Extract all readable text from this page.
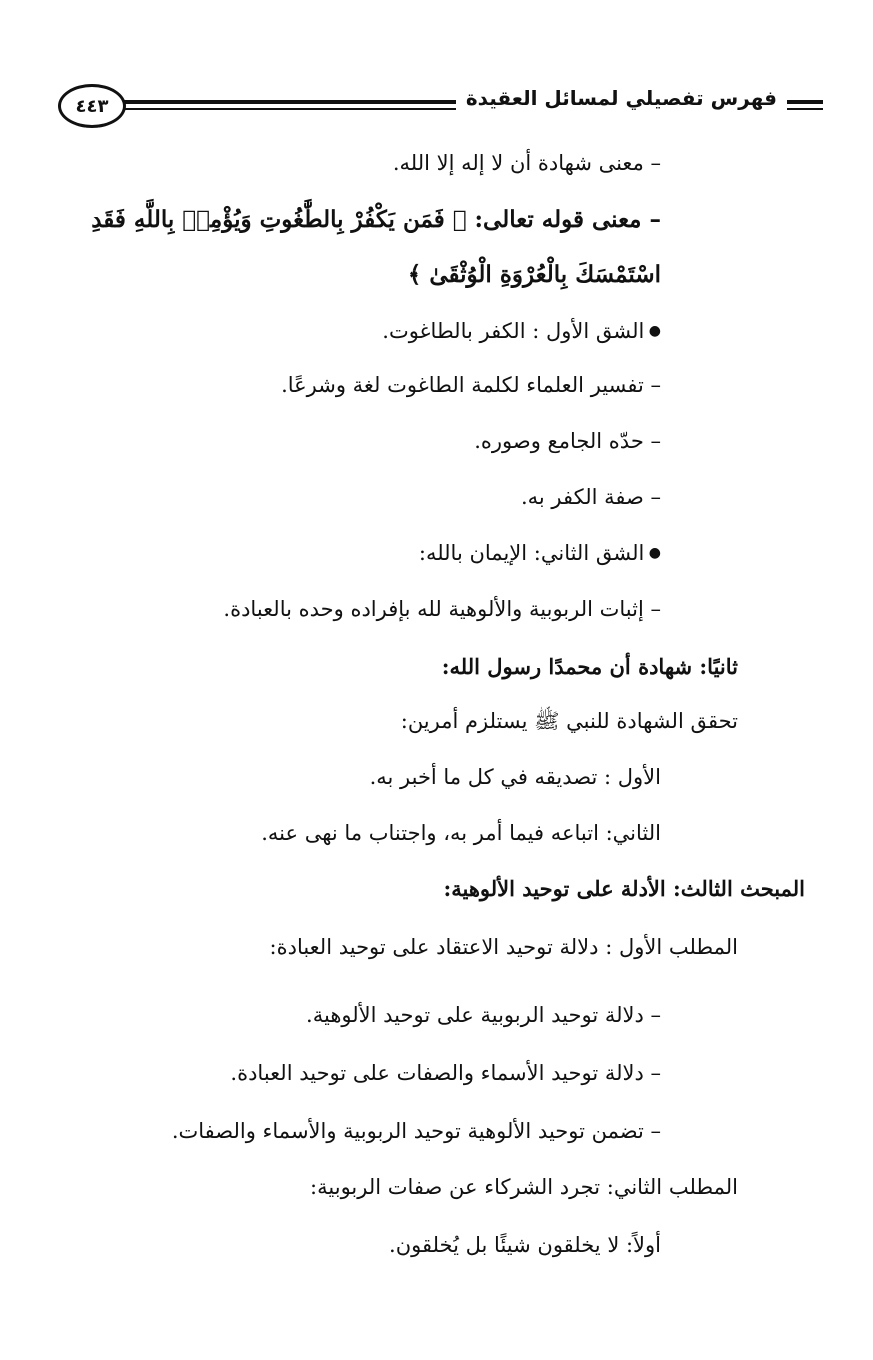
٤٤٣	فهرس تفصيلي لمسائل العقيدة
– معنى شهادة أن لا إله إلا الله.
– معنى قوله تعالى: ﴿ فَمَن يَكْفُرْ بِالطَّٰغُوتِ وَيُؤْمِنۢ بِاللَّهِ فَقَدِ
اسْتَمْسَكَ بِالْعُرْوَةِ الْوُثْقَىٰ ﴾
● الشق الأول : الكفر بالطاغوت.
– تفسير العلماء لكلمة الطاغوت لغة وشرعًا.
– حدّه الجامع وصوره.
– صفة الكفر به.
● الشق الثاني: الإيمان بالله:
– إثبات الربوبية والألوهية لله بإفراده وحده بالعبادة.
ثانيًا: شهادة أن محمدًا رسول الله:
تحقق الشهادة للنبي ﷺ يستلزم أمرين:
الأول : تصديقه في كل ما أخبر به.
الثاني: اتباعه فيما أمر به، واجتناب ما نهى عنه.
المبحث الثالث: الأدلة على توحيد الألوهية:
المطلب الأول : دلالة توحيد الاعتقاد على توحيد العبادة:
– دلالة توحيد الربوبية على توحيد الألوهية.
– دلالة توحيد الأسماء والصفات على توحيد العبادة.
– تضمن توحيد الألوهية توحيد الربوبية والأسماء والصفات.
المطلب الثاني: تجرد الشركاء عن صفات الربوبية:
أولاً: لا يخلقون شيئًا بل يُخلقون.
